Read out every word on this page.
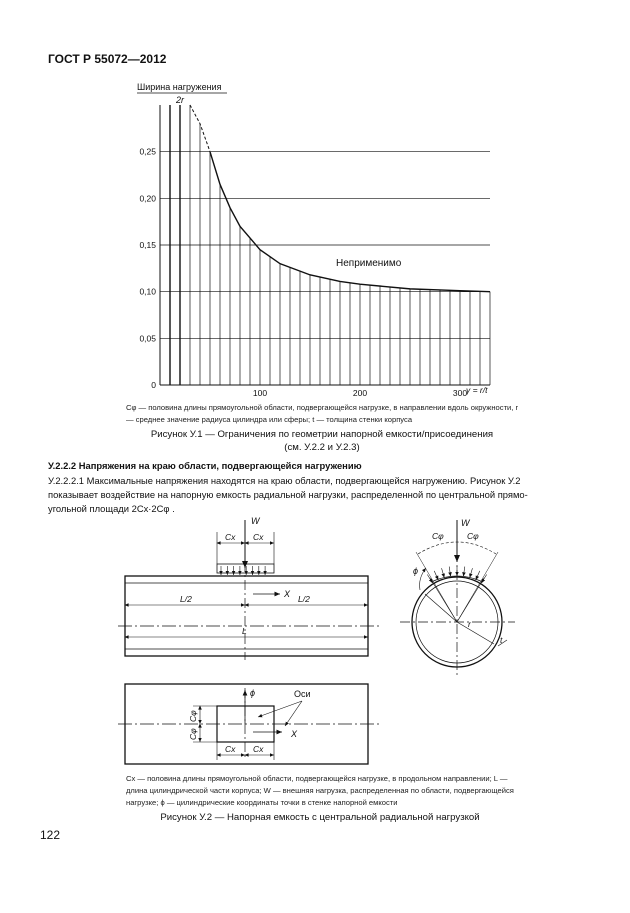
ГОСТ Р 55072—2012
Ширина нагружения
2r
0
0,05
0,10
0,15
0,20
0,25
100	200	300
Неприменимо
γ = r/t
Cφ — половина длины прямоугольной области, подвергающейся нагрузке, в направлении вдоль окружности, r — среднее значение радиуса цилиндра или сферы; t — толщина стенки корпуса
Рисунок У.1 — Ограничения по геометрии напорной емкости/присоединения
(см. У.2.2 и У.2.3)
У.2.2.2 Напряжения на краю области, подвергающейся нагружению
У.2.2.2.1 Максимальные напряжения находятся на краю области, подвергающейся нагружению. Рисунок У.2
показывает воздействие на напорную емкость радиальной нагрузки, распределенной по центральной прямо-
угольной площади 2Cx·2Cφ .
Cx Cx
W
L/2	L/2
X
L
Cφ	Cφ
W
ϕ
r
t
ϕ
X
Оси
Cx Cx
Cφ
Cφ
Cx — половина длины прямоугольной области, подвергающейся нагрузке, в продольном направлении; L — длина цилиндрической части корпуса; W — внешняя нагрузка, распределенная по области, подвергающейся нагрузке; ϕ — цилиндрические координаты точки в стенке напорной емкости
Рисунок У.2 — Напорная емкость с центральной радиальной нагрузкой
122
